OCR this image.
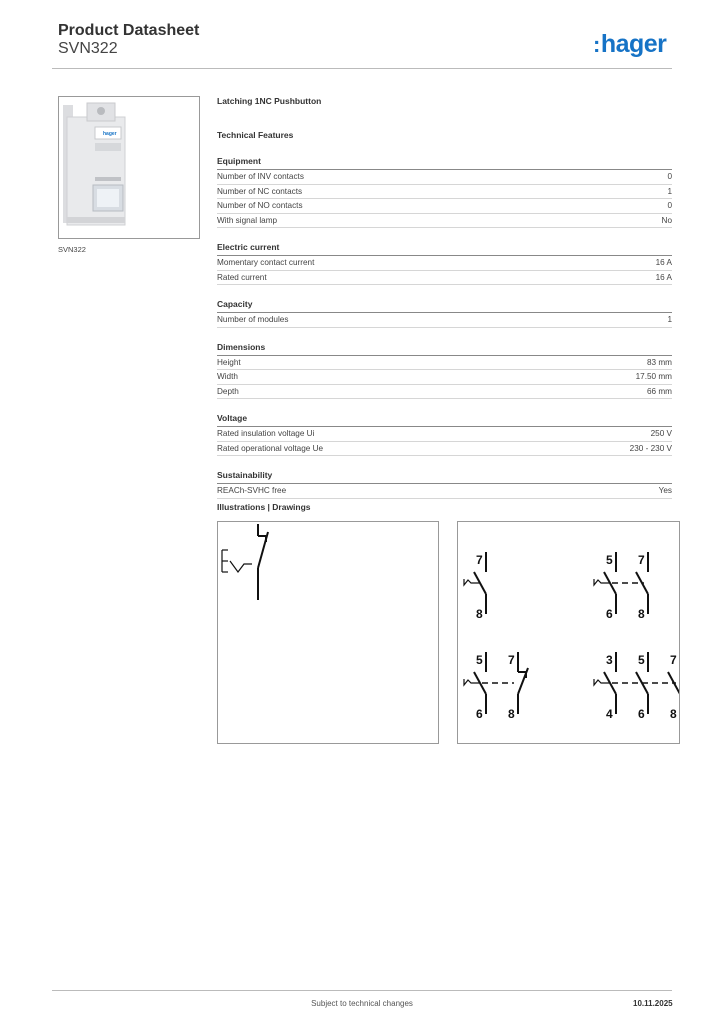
Product Datasheet
SVN322	:hager
hager
SVN322
Latching 1NC Pushbutton
Technical Features
Equipment
Number of INV contacts	0
Number of NC contacts	1
Number of NO contacts	0
With signal lamp	No
Electric current
Momentary contact current	16 A
Rated current	16 A
Capacity
Number of modules	1
Dimensions
Height	83 mm
Width	17.50 mm
Depth	66 mm
Voltage
Rated insulation voltage Ui	250 V
Rated operational voltage Ue	230 - 230 V
Sustainability
REACh-SVHC free	Yes
Illustrations | Drawings
7
8
5
6
7
8
5
6
7
8
3
4
5
6
7
8
Subject to technical changes	10.11.2025
